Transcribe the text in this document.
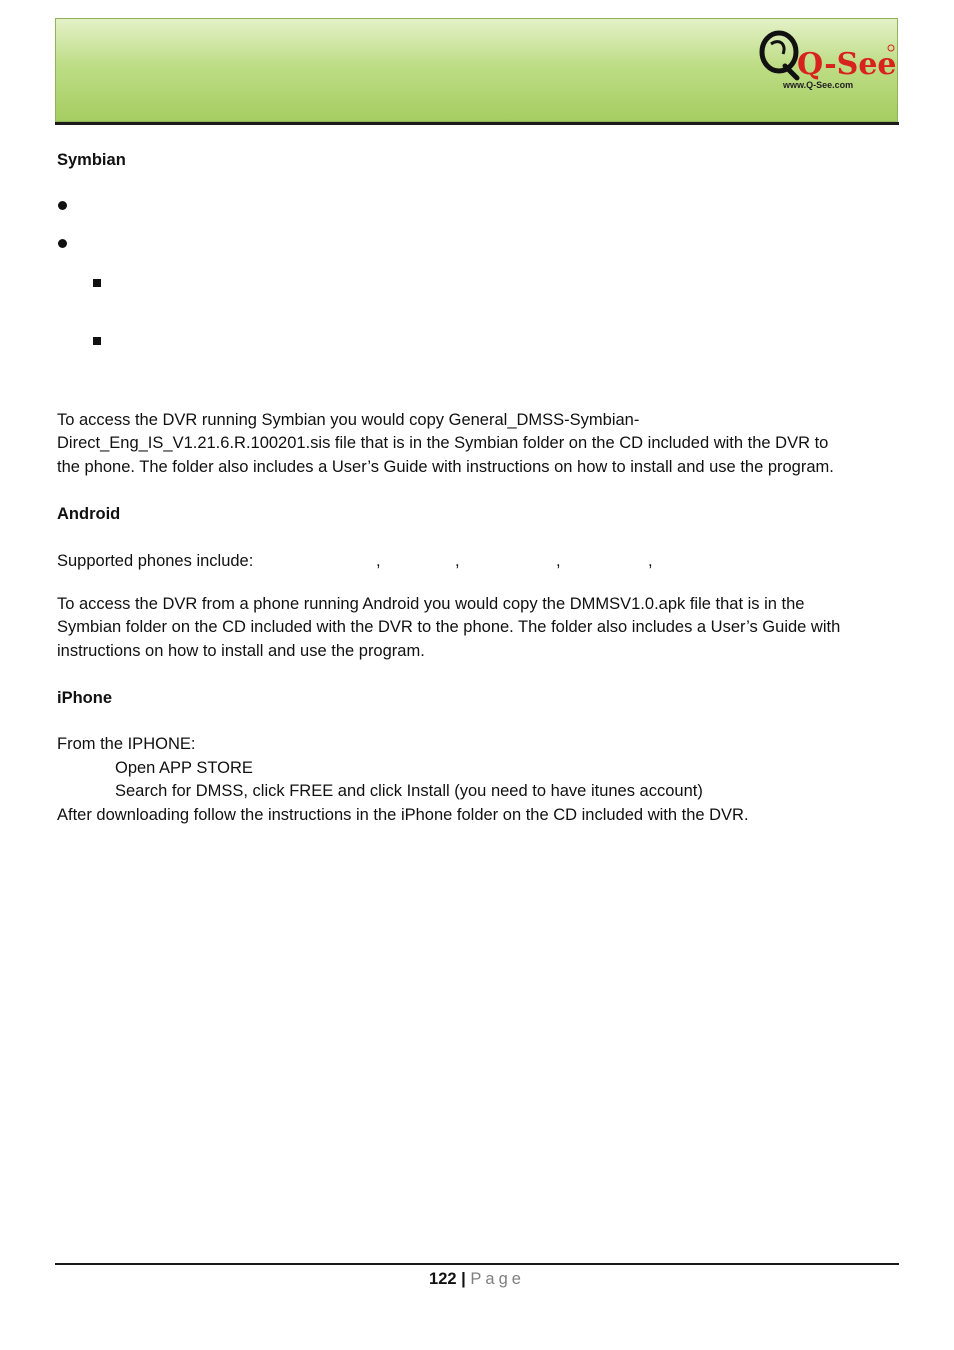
Q-See
www.Q-See.com
Symbian
To access the DVR running Symbian you would copy General_DMSS-Symbian-
Direct_Eng_IS_V1.21.6.R.100201.sis file that is in the Symbian folder on the CD included with the DVR to
the phone. The folder also includes a User’s Guide with instructions on how to install and use the program.
Android
Supported phones include:	,	,	,	,
To access the DVR from a phone running Android you would copy the DMMSV1.0.apk file that is in the
Symbian folder on the CD included with the DVR to the phone. The folder also includes a User’s Guide with
instructions on how to install and use the program.
iPhone
From the IPHONE:
Open APP STORE
Search for DMSS, click FREE and click Install (you need to have itunes account)
After downloading follow the instructions in the iPhone folder on the CD included with the DVR.
122 | Page
